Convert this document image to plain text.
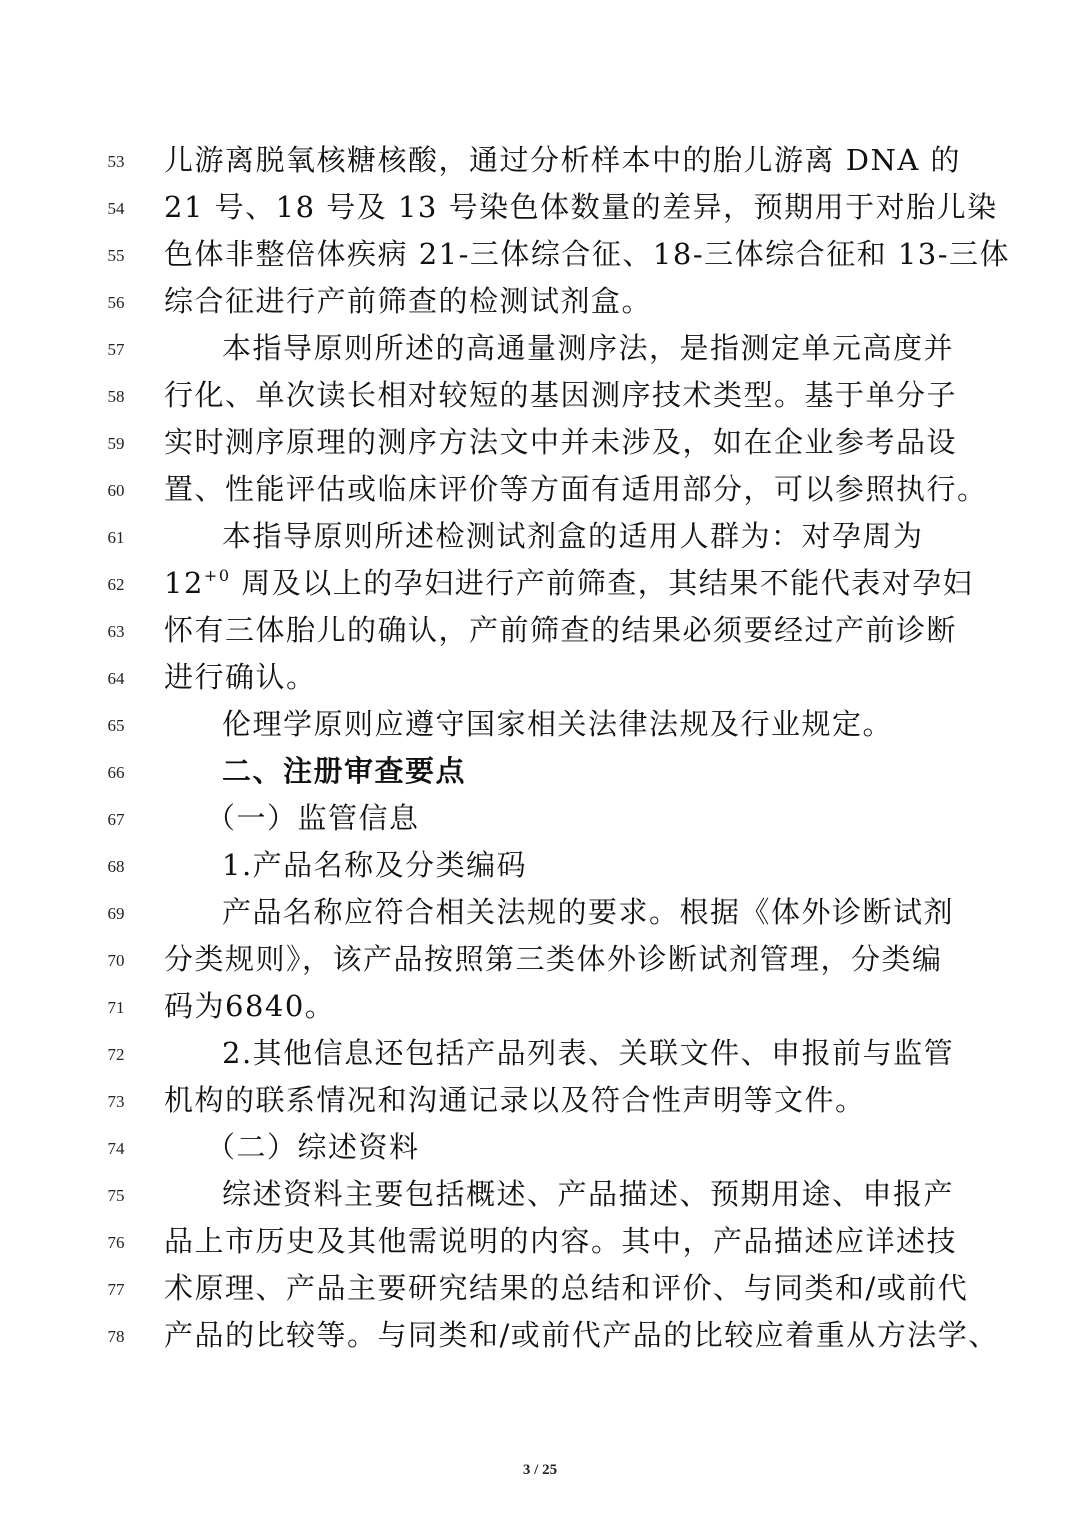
53	儿游离脱氧核糖核酸，通过分析样本中的胎儿游离 DNA 的
54	21 号、18 号及 13 号染色体数量的差异，预期用于对胎儿染
55	色体非整倍体疾病 21-三体综合征、18-三体综合征和 13-三体
56	综合征进行产前筛查的检测试剂盒。
57	本指导原则所述的高通量测序法，是指测定单元高度并
58	行化、单次读长相对较短的基因测序技术类型。基于单分子
59	实时测序原理的测序方法文中并未涉及，如在企业参考品设
60	置、性能评估或临床评价等方面有适用部分，可以参照执行。
61	本指导原则所述检测试剂盒的适用人群为：对孕周为
62	$12^{+0}$ 周及以上的孕妇进行产前筛查，其结果不能代表对孕妇
63	怀有三体胎儿的确认，产前筛查的结果必须要经过产前诊断
64	进行确认。
65	伦理学原则应遵守国家相关法律法规及行业规定。
66	二、注册审查要点
67	（一）监管信息
68	1.产品名称及分类编码
69	产品名称应符合相关法规的要求。根据《体外诊断试剂
70	分类规则》，该产品按照第三类体外诊断试剂管理，分类编
71	码为6840。
72	2.其他信息还包括产品列表、关联文件、申报前与监管
73	机构的联系情况和沟通记录以及符合性声明等文件。
74	（二）综述资料
75	综述资料主要包括概述、产品描述、预期用途、申报产
76	品上市历史及其他需说明的内容。其中，产品描述应详述技
77	术原理、产品主要研究结果的总结和评价、与同类和/或前代
78	产品的比较等。与同类和/或前代产品的比较应着重从方法学、
3 / 25
